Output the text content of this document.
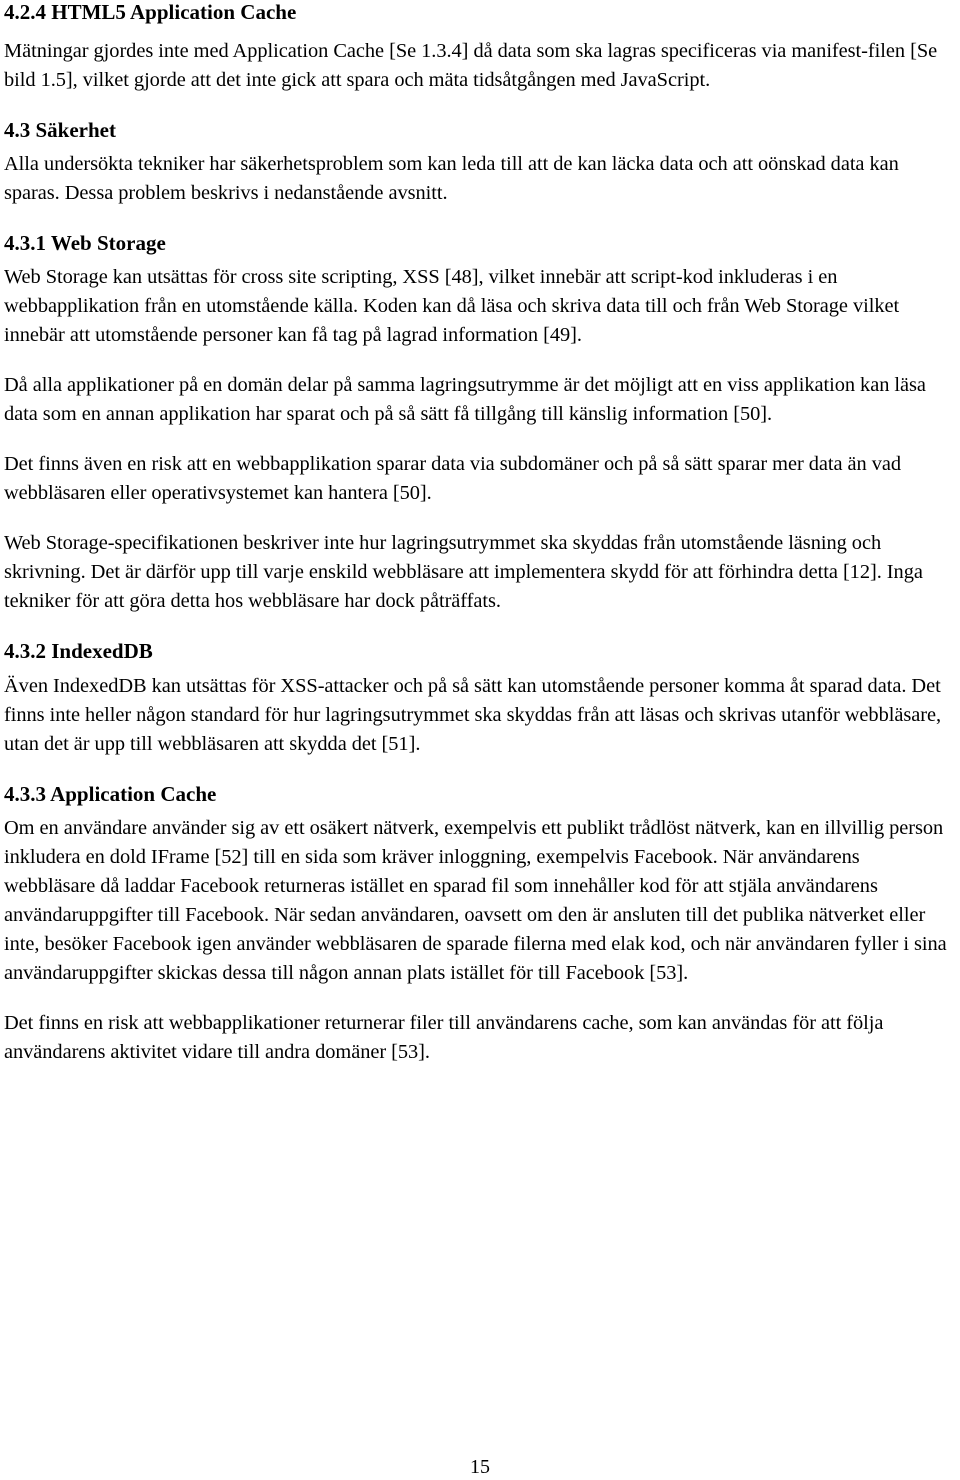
4.2.4 HTML5 Application Cache

Mätningar gjordes inte med Application Cache [Se 1.3.4] då data som ska lagras specificeras via manifest-filen [Se bild 1.5], vilket gjorde att det inte gick att spara och mäta tidsåtgången med JavaScript.

4.3 Säkerhet

Alla undersökta tekniker har säkerhetsproblem som kan leda till att de kan läcka data och att oönskad data kan sparas. Dessa problem beskrivs i nedanstående avsnitt.

4.3.1 Web Storage

Web Storage kan utsättas för cross site scripting, XSS [48], vilket innebär att script-kod inkluderas i en webbapplikation från en utomstående källa. Koden kan då läsa och skriva data till och från Web Storage vilket innebär att utomstående personer kan få tag på lagrad information [49].

Då alla applikationer på en domän delar på samma lagringsutrymme är det möjligt att en viss applikation kan läsa data som en annan applikation har sparat och på så sätt få tillgång till känslig information [50].

Det finns även en risk att en webbapplikation sparar data via subdomäner och på så sätt sparar mer data än vad webbläsaren eller operativsystemet kan hantera [50].

Web Storage-specifikationen beskriver inte hur lagringsutrymmet ska skyddas från utomstående läsning och skrivning. Det är därför upp till varje enskild webbläsare att implementera skydd för att förhindra detta [12]. Inga tekniker för att göra detta hos webbläsare har dock påträffats.

4.3.2 IndexedDB

Även IndexedDB kan utsättas för XSS-attacker och på så sätt kan utomstående personer komma åt sparad data. Det finns inte heller någon standard för hur lagringsutrymmet ska skyddas från att läsas och skrivas utanför webbläsare, utan det är upp till webbläsaren att skydda det [51].

4.3.3 Application Cache

Om en användare använder sig av ett osäkert nätverk, exempelvis ett publikt trådlöst nätverk, kan en illvillig person inkludera en dold IFrame [52] till en sida som kräver inloggning, exempelvis Facebook. När användarens webbläsare då laddar Facebook returneras istället en sparad fil som innehåller kod för att stjäla användarens användaruppgifter till Facebook. När sedan användaren, oavsett om den är ansluten till det publika nätverket eller inte, besöker Facebook igen använder webbläsaren de sparade filerna med elak kod, och när användaren fyller i sina användaruppgifter skickas dessa till någon annan plats istället för till Facebook [53].

Det finns en risk att webbapplikationer returnerar filer till användarens cache, som kan användas för att följa användarens aktivitet vidare till andra domäner [53].

15
